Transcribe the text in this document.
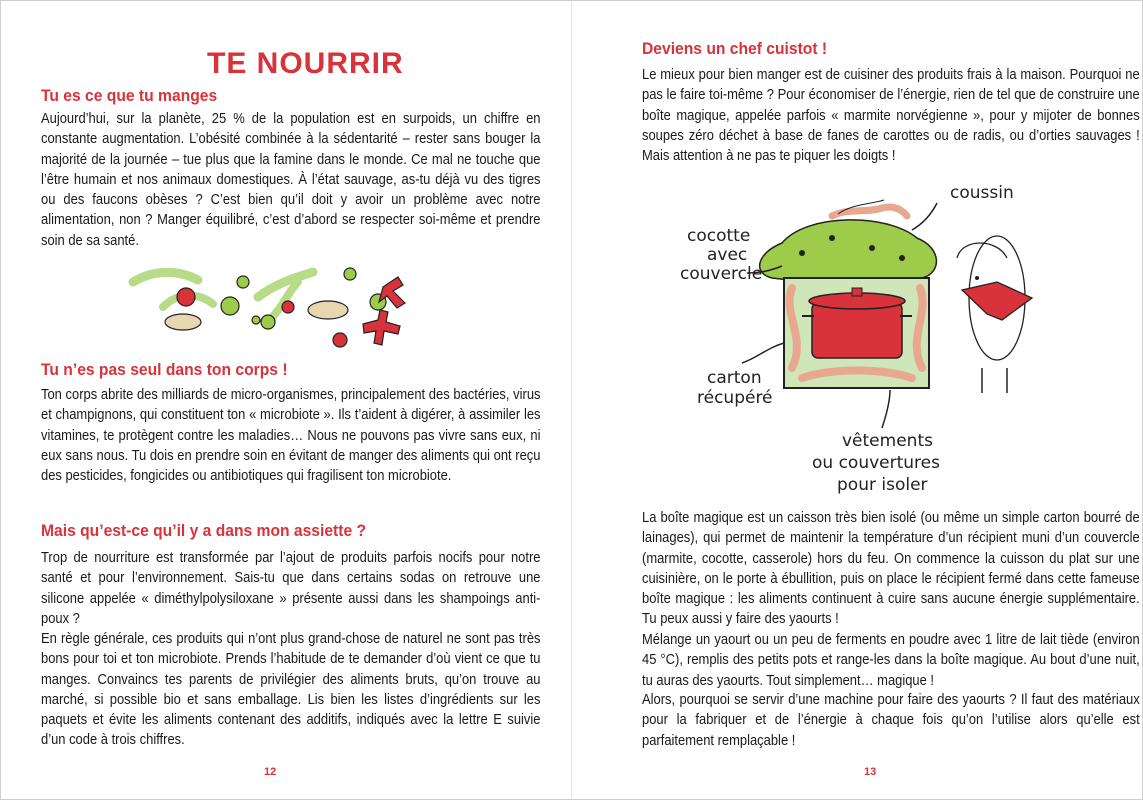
TE NOURRIR
Tu es ce que tu manges

Aujourd’hui, sur la planète, 25 % de la population est en surpoids, un chiffre en constante augmentation. L’obésité combinée à la sédentarité – rester sans bouger la majorité de la journée – tue plus que la famine dans le monde. Ce mal ne touche que l’être humain et nos animaux domestiques. À l’état sauvage, as-tu déjà vu des tigres ou des faucons obèses ? C’est bien qu’il doit y avoir un problème avec notre alimentation, non ? Manger équilibré, c’est d’abord se respecter soi-même et prendre soin de sa santé.

Tu n’es pas seul dans ton corps !

Ton corps abrite des milliards de micro-organismes, principalement des bactéries, virus et champignons, qui constituent ton « microbiote ». Ils t’aident à digérer, à assimiler les vitamines, te protègent contre les maladies… Nous ne pouvons pas vivre sans eux, ni eux sans nous. Tu dois en prendre soin en évitant de manger des aliments qui ont reçu des pesticides, fongicides ou antibiotiques qui fragilisent ton microbiote.

Mais qu’est-ce qu’il y a dans mon assiette ?

Trop de nourriture est transformée par l’ajout de produits parfois nocifs pour notre santé et pour l’environnement. Sais-tu que dans certains sodas on retrouve une silicone appelée « diméthylpolysiloxane » présente aussi dans les shampoings anti-poux ?

En règle générale, ces produits qui n’ont plus grand-chose de naturel ne sont pas très bons pour toi et ton microbiote. Prends l’habitude de te demander d’où vient ce que tu manges. Convaincs tes parents de privilégier des aliments bruts, qu’on trouve au marché, si possible bio et sans emballage. Lis bien les listes d’ingrédients sur les paquets et évite les aliments contenant des additifs, indiqués avec la lettre E suivie d’un code à trois chiffres.

12
Deviens un chef cuistot !

Le mieux pour bien manger est de cuisiner des produits frais à la maison. Pourquoi ne pas le faire toi-même ? Pour économiser de l’énergie, rien de tel que de construire une boîte magique, appelée parfois « marmite norvégienne », pour y mijoter de bonnes soupes zéro déchet à base de fanes de carottes ou de radis, ou d’orties sauvages ! Mais attention à ne pas te piquer les doigts !

cocotte
avec
couvercle
coussin
carton
récupéré
vêtements
ou couvertures
pour isoler

La boîte magique est un caisson très bien isolé (ou même un simple carton bourré de lainages), qui permet de maintenir la température d’un récipient muni d’un couvercle (marmite, cocotte, casserole) hors du feu. On commence la cuisson du plat sur une cuisinière, on le porte à ébullition, puis on place le récipient fermé dans cette fameuse boîte magique : les aliments continuent à cuire sans aucune énergie supplémentaire. Tu peux aussi y faire des yaourts !

Mélange un yaourt ou un peu de ferments en poudre avec 1 litre de lait tiède (environ 45 °C), remplis des petits pots et range-les dans la boîte magique. Au bout d’une nuit, tu auras des yaourts. Tout simplement… magique !

Alors, pourquoi se servir d’une machine pour faire des yaourts ? Il faut des matériaux pour la fabriquer et de l’énergie à chaque fois qu’on l’utilise alors qu’elle est parfaitement remplaçable !

13
